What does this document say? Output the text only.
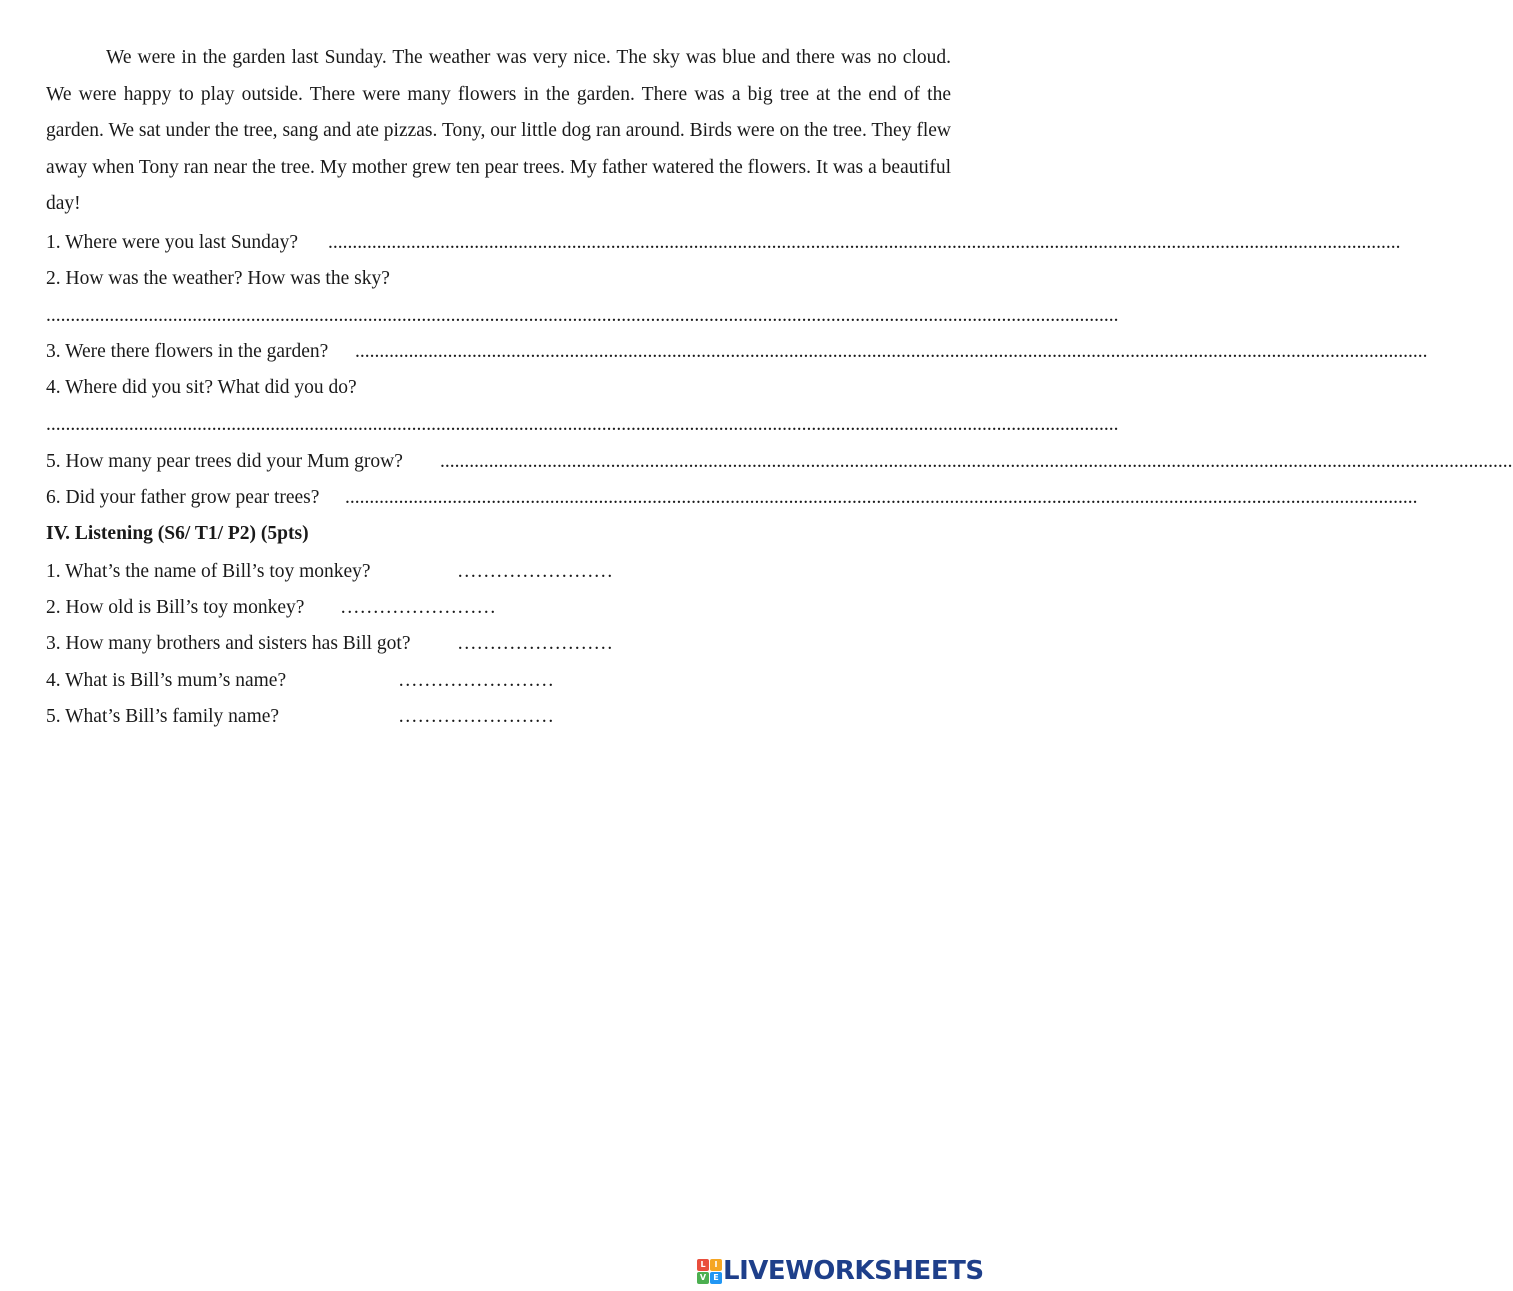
We were in the garden last Sunday. The weather was very nice. The sky was blue and there was no cloud. We were happy to play outside. There were many flowers in the garden. There was a big tree at the end of the garden. We sat under the tree, sang and ate pizzas. Tony, our little dog ran around. Birds were on the tree. They flew away when Tony ran near the tree. My mother grew ten pear trees. My father watered the flowers. It was a beautiful day!

1. Where were you last Sunday? ............................................................................................................................................................................................................................
2. How was the weather? How was the sky?
............................................................................................................................................................................................................................
3. Were there flowers in the garden? ............................................................................................................................................................................................................................
4. Where did you sit? What did you do?
............................................................................................................................................................................................................................
5. How many pear trees did your Mum grow? ............................................................................................................................................................................................................................
6. Did your father grow pear trees? ............................................................................................................................................................................................................................
IV. Listening (S6/ T1/ P2) (5pts)
1. What’s the name of Bill’s toy monkey?	……………………
2. How old is Bill’s toy monkey? ……………………
3. How many brothers and sisters has Bill got? ……………………
4. What is Bill’s mum’s name?	……………………
5. What’s Bill’s family name?	……………………
L	I
V E LIVEWORKSHEETS
